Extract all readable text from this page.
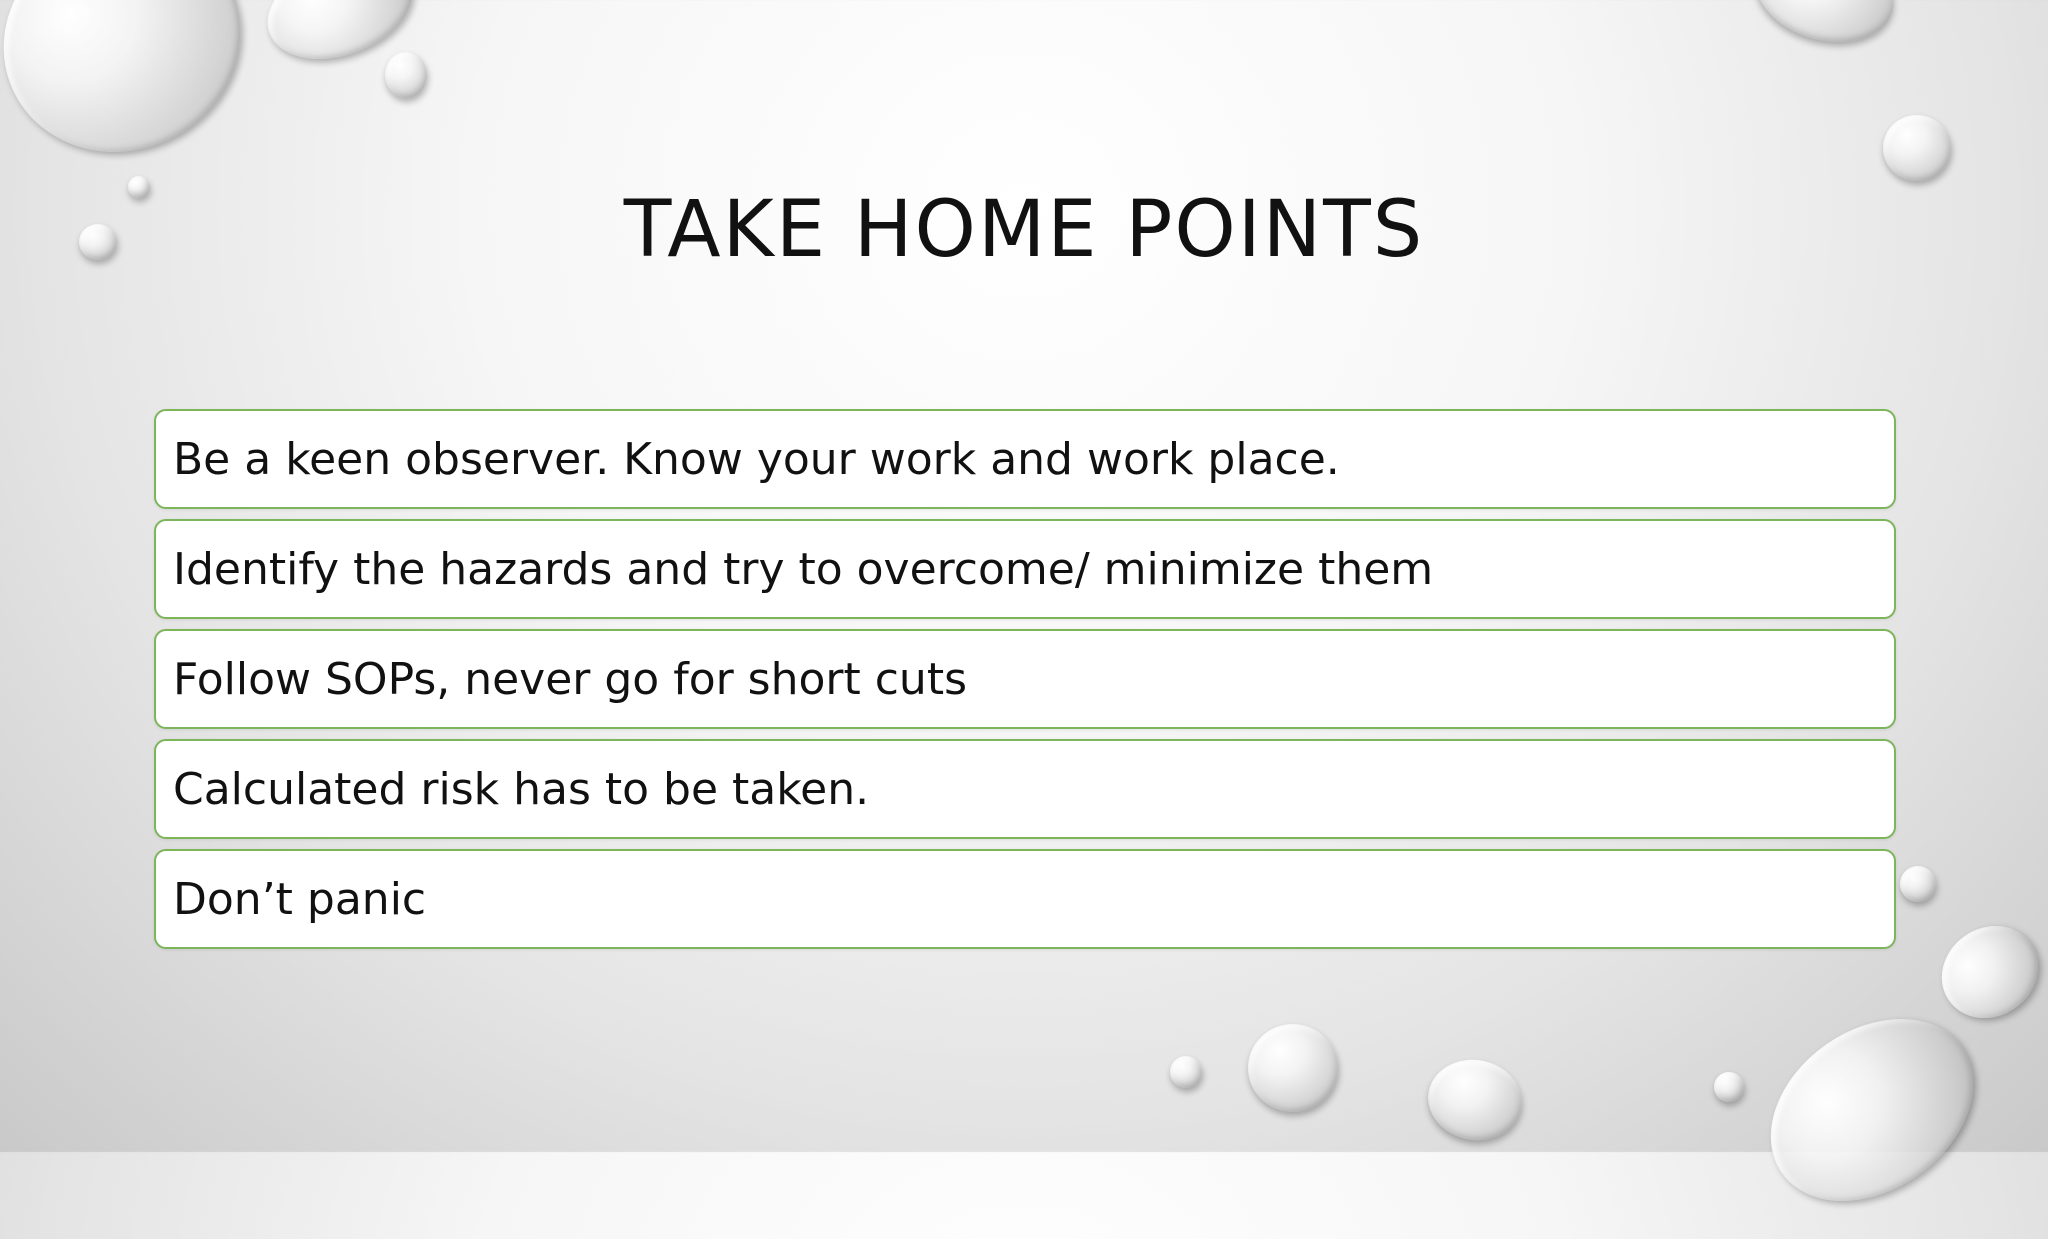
TAKE HOME POINTS
Be a keen observer. Know your work and work place.
Identify the hazards and try to overcome/ minimize them
Follow SOPs, never go for short cuts
Calculated risk has to be taken.
Don’t panic
